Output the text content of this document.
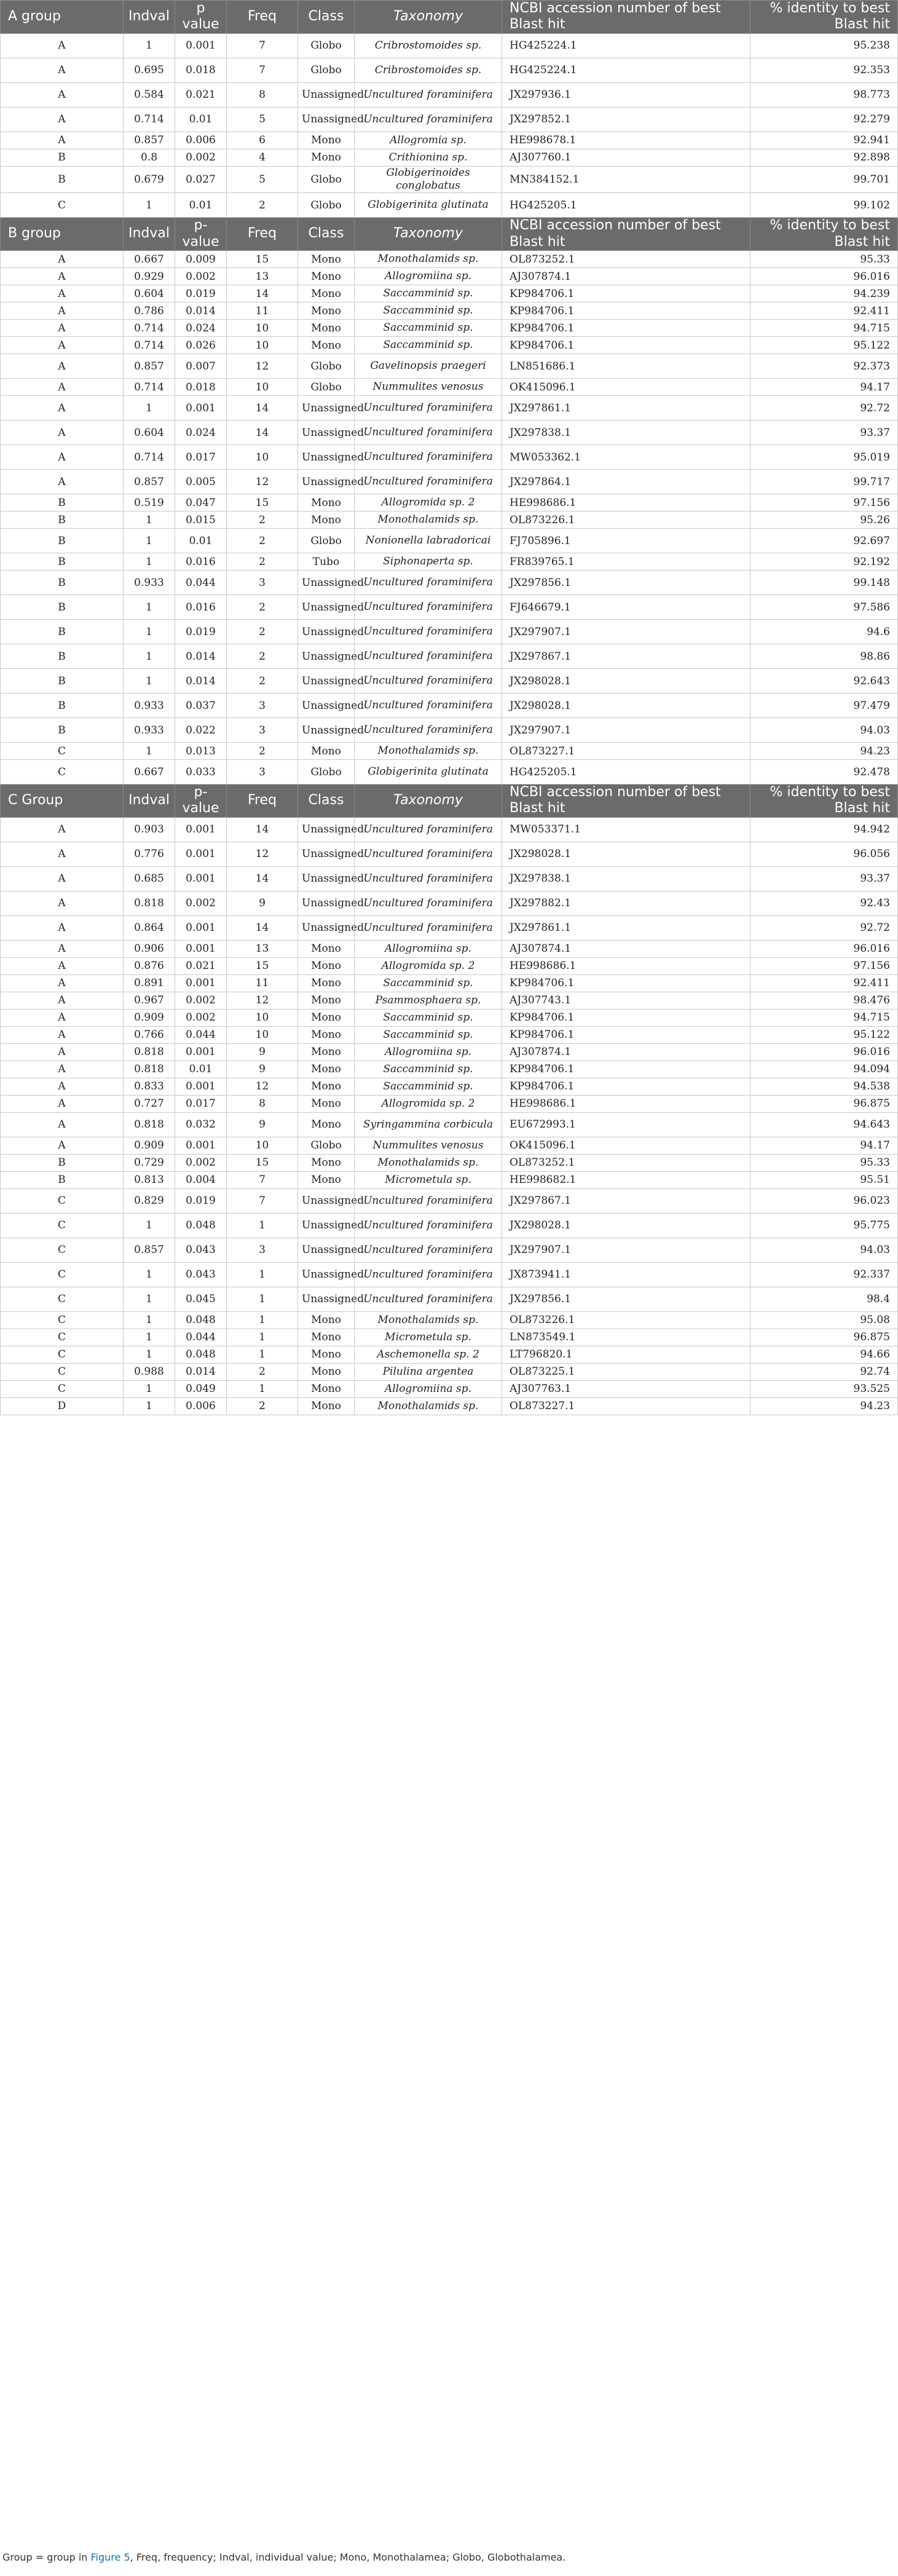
A group	Indval	p value	Freq	Class	Taxonomy	NCBI accession number of best Blast hit	% identity to best Blast hit
A	1	0.001	7	Globo	Cribrostomoides sp.	HG425224.1	95.238
A	0.695	0.018	7	Globo	Cribrostomoides sp.	HG425224.1	92.353
A	0.584	0.021	8	Unassigned	Uncultured foraminifera	JX297936.1	98.773
A	0.714	0.01	5	Unassigned	Uncultured foraminifera	JX297852.1	92.279
A	0.857	0.006	6	Mono	Allogromia sp.	HE998678.1	92.941
B	0.8	0.002	4	Mono	Crithionina sp.	AJ307760.1	92.898
B	0.679	0.027	5	Globo	Globigerinoides conglobatus	MN384152.1	99.701
C	1	0.01	2	Globo	Globigerinita glutinata	HG425205.1	99.102
B group	Indval	p-value	Freq	Class	Taxonomy	NCBI accession number of best Blast hit	% identity to best Blast hit
A	0.667	0.009	15	Mono	Monothalamids sp.	OL873252.1	95.33
A	0.929	0.002	13	Mono	Allogromiina sp.	AJ307874.1	96.016
A	0.604	0.019	14	Mono	Saccamminid sp.	KP984706.1	94.239
A	0.786	0.014	11	Mono	Saccamminid sp.	KP984706.1	92.411
A	0.714	0.024	10	Mono	Saccamminid sp.	KP984706.1	94.715
A	0.714	0.026	10	Mono	Saccamminid sp.	KP984706.1	95.122
A	0.857	0.007	12	Globo	Gavelinopsis praegeri	LN851686.1	92.373
A	0.714	0.018	10	Globo	Nummulites venosus	OK415096.1	94.17
A	1	0.001	14	Unassigned	Uncultured foraminifera	JX297861.1	92.72
A	0.604	0.024	14	Unassigned	Uncultured foraminifera	JX297838.1	93.37
A	0.714	0.017	10	Unassigned	Uncultured foraminifera	MW053362.1	95.019
A	0.857	0.005	12	Unassigned	Uncultured foraminifera	JX297864.1	99.717
B	0.519	0.047	15	Mono	Allogromida sp. 2	HE998686.1	97.156
B	1	0.015	2	Mono	Monothalamids sp.	OL873226.1	95.26
B	1	0.01	2	Globo	Nonionella labradoricai	FJ705896.1	92.697
B	1	0.016	2	Tubo	Siphonaperta sp.	FR839765.1	92.192
B	0.933	0.044	3	Unassigned	Uncultured foraminifera	JX297856.1	99.148
B	1	0.016	2	Unassigned	Uncultured foraminifera	FJ646679.1	97.586
B	1	0.019	2	Unassigned	Uncultured foraminifera	JX297907.1	94.6
B	1	0.014	2	Unassigned	Uncultured foraminifera	JX297867.1	98.86
B	1	0.014	2	Unassigned	Uncultured foraminifera	JX298028.1	92.643
B	0.933	0.037	3	Unassigned	Uncultured foraminifera	JX298028.1	97.479
B	0.933	0.022	3	Unassigned	Uncultured foraminifera	JX297907.1	94.03
C	1	0.013	2	Mono	Monothalamids sp.	OL873227.1	94.23
C	0.667	0.033	3	Globo	Globigerinita glutinata	HG425205.1	92.478
C Group	Indval	p-value	Freq	Class	Taxonomy	NCBI accession number of best Blast hit	% identity to best Blast hit
A	0.903	0.001	14	Unassigned	Uncultured foraminifera	MW053371.1	94.942
A	0.776	0.001	12	Unassigned	Uncultured foraminifera	JX298028.1	96.056
A	0.685	0.001	14	Unassigned	Uncultured foraminifera	JX297838.1	93.37
A	0.818	0.002	9	Unassigned	Uncultured foraminifera	JX297882.1	92.43
A	0.864	0.001	14	Unassigned	Uncultured foraminifera	JX297861.1	92.72
A	0.906	0.001	13	Mono	Allogromiina sp.	AJ307874.1	96.016
A	0.876	0.021	15	Mono	Allogromida sp. 2	HE998686.1	97.156
A	0.891	0.001	11	Mono	Saccamminid sp.	KP984706.1	92.411
A	0.967	0.002	12	Mono	Psammosphaera sp.	AJ307743.1	98.476
A	0.909	0.002	10	Mono	Saccamminid sp.	KP984706.1	94.715
A	0.766	0.044	10	Mono	Saccamminid sp.	KP984706.1	95.122
A	0.818	0.001	9	Mono	Allogromiina sp.	AJ307874.1	96.016
A	0.818	0.01	9	Mono	Saccamminid sp.	KP984706.1	94.094
A	0.833	0.001	12	Mono	Saccamminid sp.	KP984706.1	94.538
A	0.727	0.017	8	Mono	Allogromida sp. 2	HE998686.1	96.875
A	0.818	0.032	9	Mono	Syringammina corbicula	EU672993.1	94.643
A	0.909	0.001	10	Globo	Nummulites venosus	OK415096.1	94.17
B	0.729	0.002	15	Mono	Monothalamids sp.	OL873252.1	95.33
B	0.813	0.004	7	Mono	Micrometula sp.	HE998682.1	95.51
C	0.829	0.019	7	Unassigned	Uncultured foraminifera	JX297867.1	96.023
C	1	0.048	1	Unassigned	Uncultured foraminifera	JX298028.1	95.775
C	0.857	0.043	3	Unassigned	Uncultured foraminifera	JX297907.1	94.03
C	1	0.043	1	Unassigned	Uncultured foraminifera	JX873941.1	92.337
C	1	0.045	1	Unassigned	Uncultured foraminifera	JX297856.1	98.4
C	1	0.048	1	Mono	Monothalamids sp.	OL873226.1	95.08
C	1	0.044	1	Mono	Micrometula sp.	LN873549.1	96.875
C	1	0.048	1	Mono	Aschemonella sp. 2	LT796820.1	94.66
C	0.988	0.014	2	Mono	Pilulina argentea	OL873225.1	92.74
C	1	0.049	1	Mono	Allogromiina sp.	AJ307763.1	93.525
D	1	0.006	2	Mono	Monothalamids sp.	OL873227.1	94.23
Group = group in Figure 5, Freq, frequency; Indval, individual value; Mono, Monothalamea; Globo, Globothalamea.
